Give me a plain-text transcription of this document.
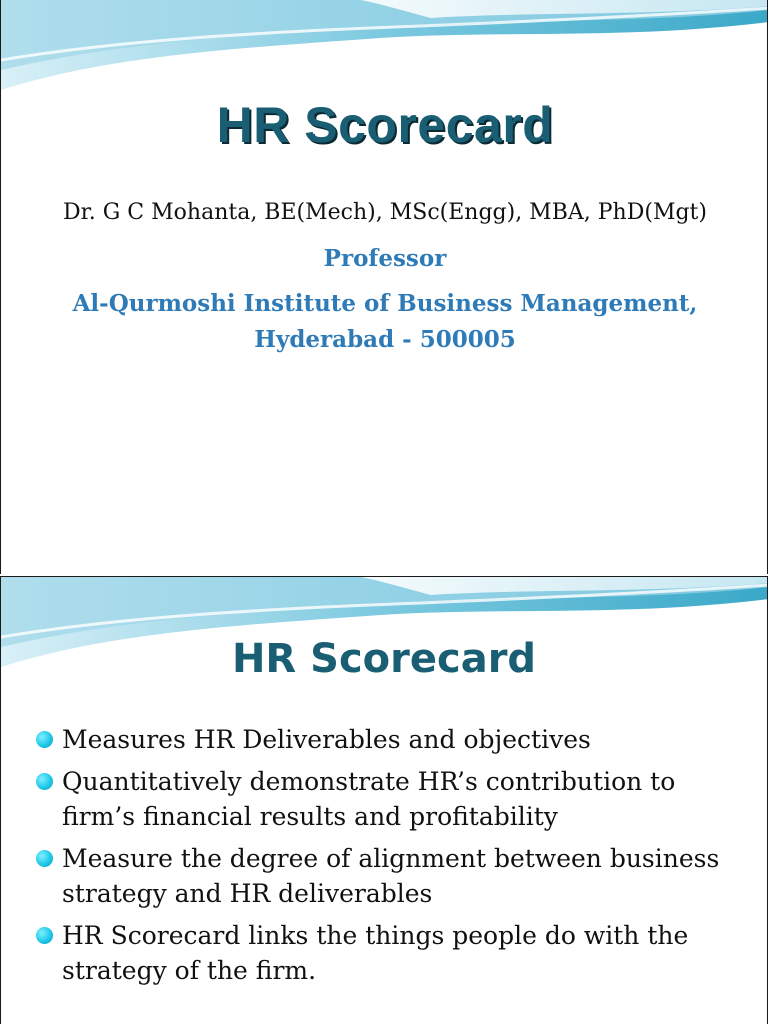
HR Scorecard
Dr. G C Mohanta, BE(Mech), MSc(Engg), MBA, PhD(Mgt)
Professor
Al-Qurmoshi Institute of Business Management,
Hyderabad - 500005
HR Scorecard
Measures HR Deliverables and objectives
Quantitatively demonstrate HR’s contribution to firm’s financial results and profitability
Measure the degree of alignment between business strategy and HR deliverables
HR Scorecard links the things people do with the strategy of the firm.
